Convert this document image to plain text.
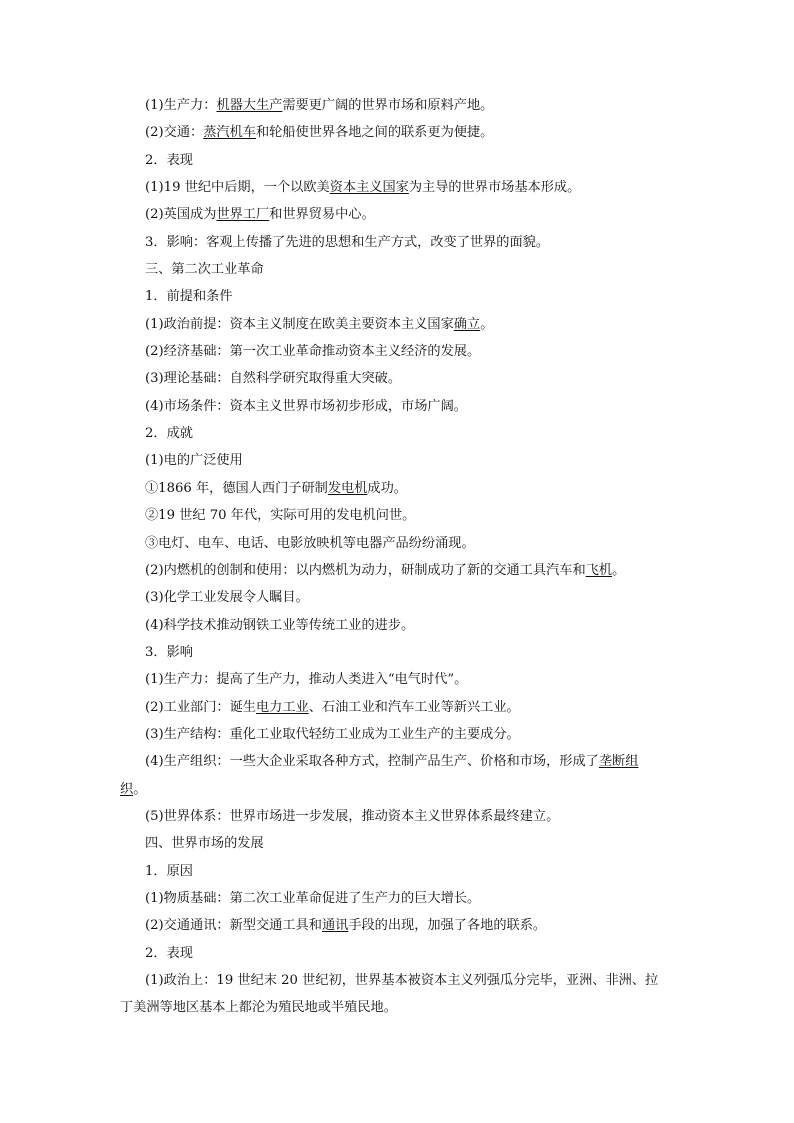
(1)生产力：机器大生产需要更广阔的世界市场和原料产地。
(2)交通：蒸汽机车和轮船使世界各地之间的联系更为便捷。
2．表现
(1)19 世纪中后期，一个以欧美资本主义国家为主导的世界市场基本形成。
(2)英国成为世界工厂和世界贸易中心。
3．影响：客观上传播了先进的思想和生产方式，改变了世界的面貌。
三、第二次工业革命
1．前提和条件
(1)政治前提：资本主义制度在欧美主要资本主义国家确立。
(2)经济基础：第一次工业革命推动资本主义经济的发展。
(3)理论基础：自然科学研究取得重大突破。
(4)市场条件：资本主义世界市场初步形成，市场广阔。
2．成就
(1)电的广泛使用
①1866 年，德国人西门子研制发电机成功。
②19 世纪 70 年代，实际可用的发电机问世。
③电灯、电车、电话、电影放映机等电器产品纷纷涌现。
(2)内燃机的创制和使用：以内燃机为动力，研制成功了新的交通工具汽车和飞机。
(3)化学工业发展令人瞩目。
(4)科学技术推动钢铁工业等传统工业的进步。
3．影响
(1)生产力：提高了生产力，推动人类进入“电气时代”。
(2)工业部门：诞生电力工业、石油工业和汽车工业等新兴工业。
(3)生产结构：重化工业取代轻纺工业成为工业生产的主要成分。
(4)生产组织：一些大企业采取各种方式，控制产品生产、价格和市场，形成了垄断组
织。
(5)世界体系：世界市场进一步发展，推动资本主义世界体系最终建立。
四、世界市场的发展
1．原因
(1)物质基础：第二次工业革命促进了生产力的巨大增长。
(2)交通通讯：新型交通工具和通讯手段的出现，加强了各地的联系。
2．表现
(1)政治上：19 世纪末 20 世纪初，世界基本被资本主义列强瓜分完毕，亚洲、非洲、拉
丁美洲等地区基本上都沦为殖民地或半殖民地。
